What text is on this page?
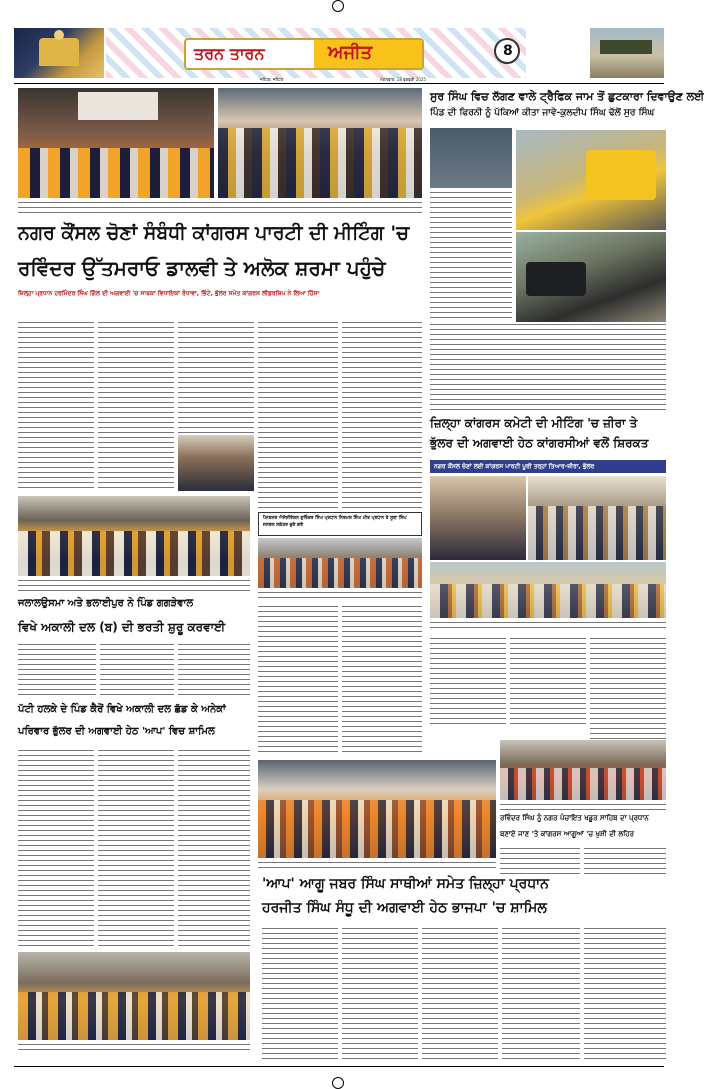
ਤਰਨ ਤਾਰਨ	ਅਜੀਤ	8
ਜਲੰਧਰ, ਜਲੰਧਰ	ਮੰਗਲਵਾਰ, 18 ਫਰਵਰੀ 2025
ਸੁਰ ਸਿੰਘ ਵਿਚ ਲੱਗਣ ਵਾਲੇ ਟ੍ਰੈਫਿਕ ਜਾਮ ਤੋਂ ਛੁਟਕਾਰਾ ਦਿਵਾਉਣ ਲਈ
ਪਿੰਡ ਦੀ ਫਿਰਨੀ ਨੂੰ ਪੱਕਿਆਂ ਕੀਤਾ ਜਾਵੇ-ਕੁਲਦੀਪ ਸਿੰਘ ਢੱਲੋਂ ਸੁਰ ਸਿੰਘ
ਨਗਰ ਕੌਂਸਲ ਚੋਣਾਂ ਸੰਬੰਧੀ ਕਾਂਗਰਸ ਪਾਰਟੀ ਦੀ ਮੀਟਿੰਗ 'ਚ
ਰਵਿੰਦਰ ਉੱਤਮਰਾਓ ਡਾਲਵੀ ਤੇ ਅਲੋਕ ਸ਼ਰਮਾ ਪਹੁੰਚੇ
ਜ਼ਿਲ੍ਹਾ ਪ੍ਰਧਾਨ ਹਰਮਿੰਦਰ ਸਿੰਘ ਗਿੱਲ ਦੀ ਅਗਵਾਈ 'ਚ ਸਾਬਕਾ ਵਿਧਾਇਕਾਂ ਰੰਧਾਵਾ, ਭਿੱਟੇ, ਭੁੱਲਰ ਸਮੇਤ ਕਾਂਗਰਸ ਲੀਡਰਸ਼ਿਪ ਨੇ ਲਿਆ ਹਿੱਸਾ
ਪੈਨਸ਼ਨਰ ਐਸੋਸੀਏਸ਼ਨ ਗੁਰਿੰਦਰ ਸਿੰਘ ਪ੍ਰਧਾਨ ਨਿਰਮਲ ਸਿੰਘ ਮੀਤ ਪ੍ਰਧਾਨ ਤੇ ਸੂਬਾ ਸਿੰਘ ਜਨਰਲ ਸਕੱਤਰ ਚੁਣੇ ਗਏ
ਜ਼ਿਲ੍ਹਾ ਕਾਂਗਰਸ ਕਮੇਟੀ ਦੀ ਮੀਟਿੰਗ 'ਚ ਜ਼ੀਰਾ ਤੇ
ਭੁੱਲਰ ਦੀ ਅਗਵਾਈ ਹੇਠ ਕਾਂਗਰਸੀਆਂ ਵਲੋਂ ਸ਼ਿਰਕਤ
ਨਗਰ ਕੌਂਸਲ ਚੋਣਾਂ ਲਈ ਕਾਂਗਰਸ ਪਾਰਟੀ ਪੂਰੀ ਤਰ੍ਹਾਂ ਤਿਆਰ-ਜ਼ੀਰਾ, ਭੁੱਲਰ
ਜਲਾਲਉਸਮਾ ਅਤੇ ਭਲਾਈਪੁਰ ਨੇ ਪਿੰਡ ਗਗੜੇਵਾਲ
ਵਿਖੇ ਅਕਾਲੀ ਦਲ (ਬ) ਦੀ ਭਰਤੀ ਸ਼ੁਰੂ ਕਰਵਾਈ
ਪੱਟੀ ਹਲਕੇ ਦੇ ਪਿੰਡ ਕੈਰੋਂ ਵਿਖੇ ਅਕਾਲੀ ਦਲ ਛੱਡ ਕੇ ਅਨੇਕਾਂ
ਪਰਿਵਾਰ ਭੁੱਲਰ ਦੀ ਅਗਵਾਈ ਹੇਠ 'ਆਪ' ਵਿਚ ਸ਼ਾਮਿਲ
ਰਵਿੰਦਰ ਸਿੰਘ ਨੂੰ ਨਗਰ ਪੰਚਾਇਤ ਖਡੂਰ ਸਾਹਿਬ ਦਾ ਪ੍ਰਧਾਨ
ਬਣਾਏ ਜਾਣ 'ਤੇ ਕਾਂਗਰਸ ਆਗੂਆਂ 'ਚ ਖੁਸ਼ੀ ਦੀ ਲਹਿਰ
'ਆਪ' ਆਗੂ ਜਬਰ ਸਿੰਘ ਸਾਥੀਆਂ ਸਮੇਤ ਜ਼ਿਲ੍ਹਾ ਪ੍ਰਧਾਨ
ਹਰਜੀਤ ਸਿੰਘ ਸੰਧੂ ਦੀ ਅਗਵਾਈ ਹੇਠ ਭਾਜਪਾ 'ਚ ਸ਼ਾਮਿਲ
